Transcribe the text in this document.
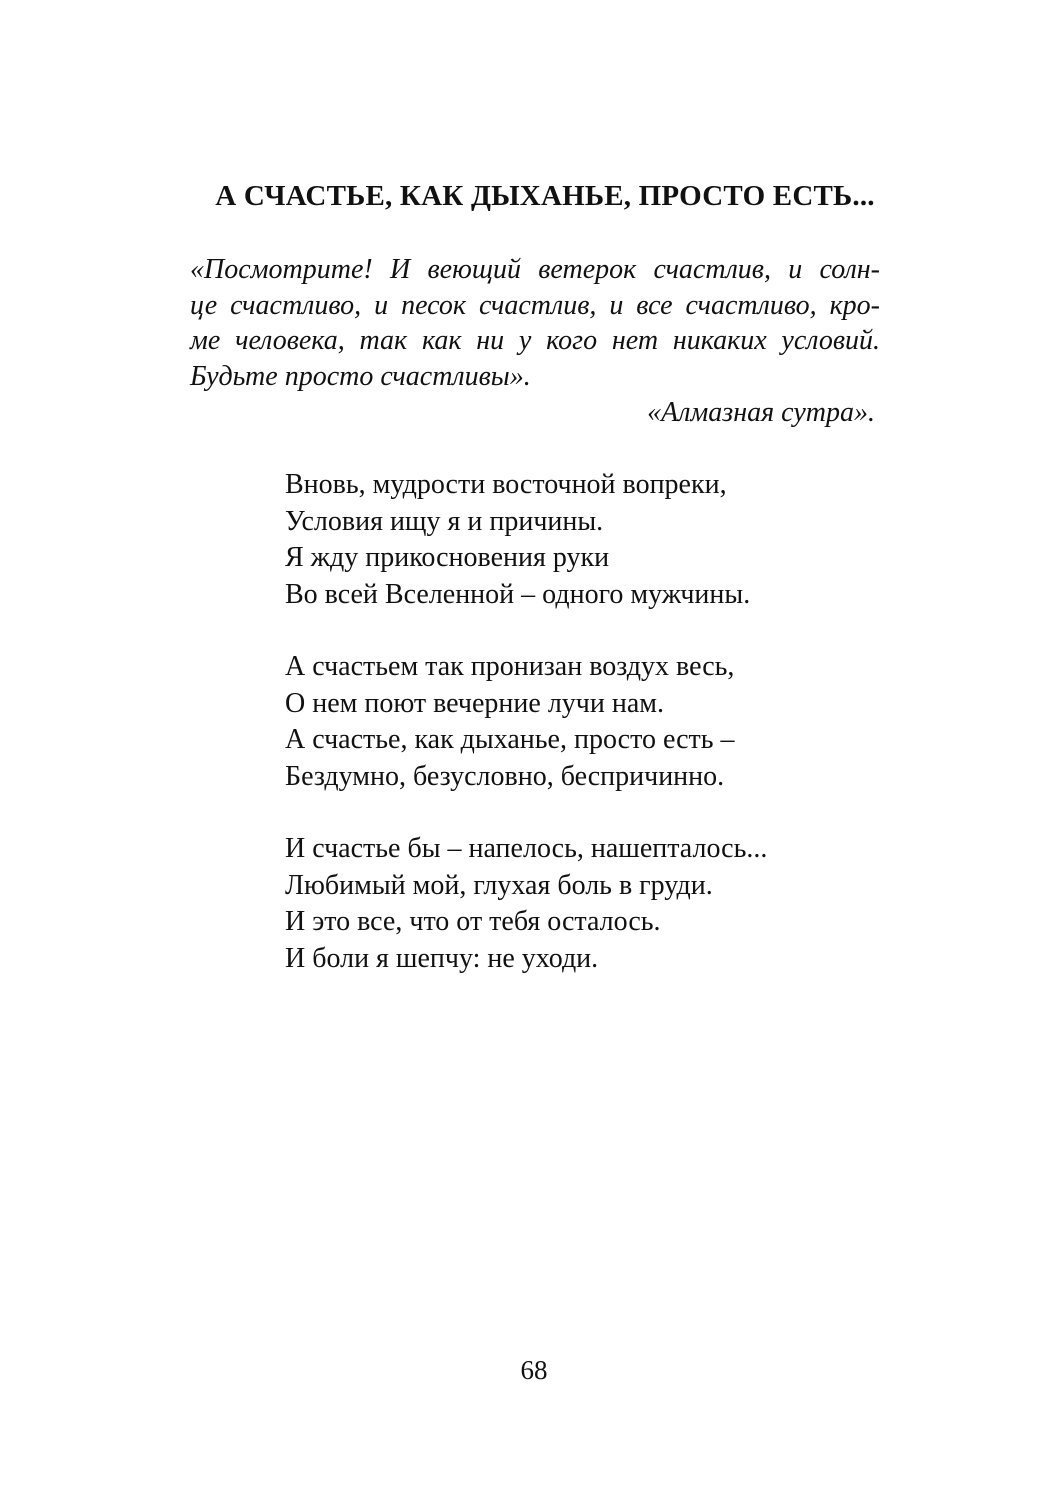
А СЧАСТЬЕ, КАК ДЫХАНЬЕ, ПРОСТО ЕСТЬ...
«Посмотрите! И веющий ветерок счастлив, и солн-
це счастливо, и песок счастлив, и все счастливо, кро-
ме человека, так как ни у кого нет никаких условий.
Будьте просто счастливы».
«Алмазная сутра».
Вновь, мудрости восточной вопреки,
Условия ищу я и причины.
Я жду прикосновения руки
Во всей Вселенной – одного мужчины.
А счастьем так пронизан воздух весь,
О нем поют вечерние лучи нам.
А счастье, как дыханье, просто есть –
Бездумно, безусловно, беспричинно.
И счастье бы – напелось, нашепталось...
Любимый мой, глухая боль в груди.
И это все, что от тебя осталось.
И боли я шепчу: не уходи.
68
